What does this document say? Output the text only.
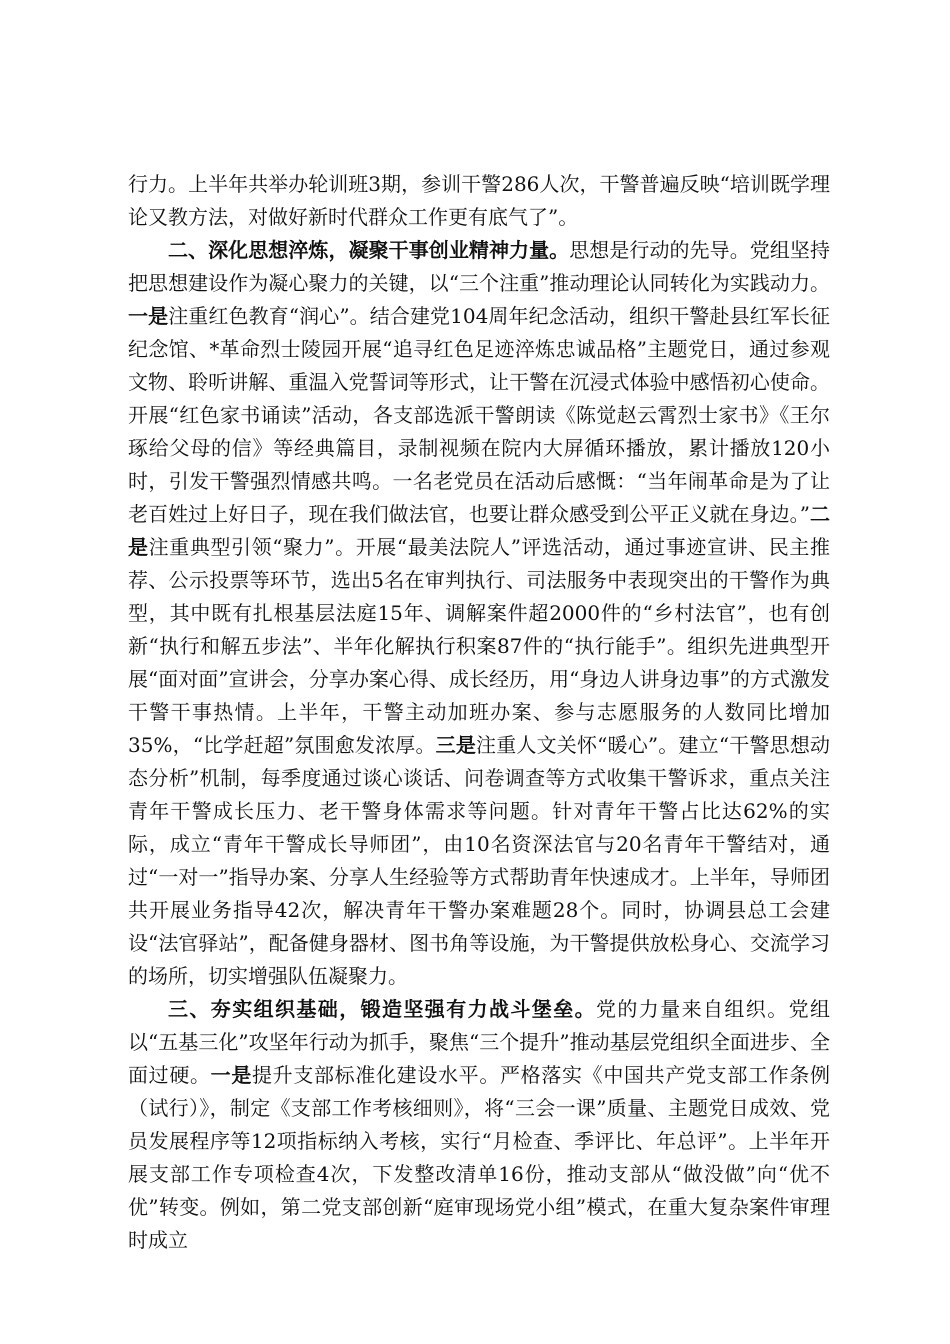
行力。上半年共举办轮训班3期，参训干警286人次，干警普遍反映“培训既学理论又教方法，对做好新时代群众工作更有底气了”。

二、深化思想淬炼，凝聚干事创业精神力量。思想是行动的先导。党组坚持把思想建设作为凝心聚力的关键，以“三个注重”推动理论认同转化为实践动力。一是注重红色教育“润心”。结合建党104周年纪念活动，组织干警赴县红军长征纪念馆、*革命烈士陵园开展“追寻红色足迹淬炼忠诚品格”主题党日，通过参观文物、聆听讲解、重温入党誓词等形式，让干警在沉浸式体验中感悟初心使命。开展“红色家书诵读”活动，各支部选派干警朗读《陈觉赵云霄烈士家书》《王尔琢给父母的信》等经典篇目，录制视频在院内大屏循环播放，累计播放120小时，引发干警强烈情感共鸣。一名老党员在活动后感慨：“当年闹革命是为了让老百姓过上好日子，现在我们做法官，也要让群众感受到公平正义就在身边。”二是注重典型引领“聚力”。开展“最美法院人”评选活动，通过事迹宣讲、民主推荐、公示投票等环节，选出5名在审判执行、司法服务中表现突出的干警作为典型，其中既有扎根基层法庭15年、调解案件超2000件的“乡村法官”，也有创新“执行和解五步法”、半年化解执行积案87件的“执行能手”。组织先进典型开展“面对面”宣讲会，分享办案心得、成长经历，用“身边人讲身边事”的方式激发干警干事热情。上半年，干警主动加班办案、参与志愿服务的人数同比增加35%，“比学赶超”氛围愈发浓厚。三是注重人文关怀“暖心”。建立“干警思想动态分析”机制，每季度通过谈心谈话、问卷调查等方式收集干警诉求，重点关注青年干警成长压力、老干警身体需求等问题。针对青年干警占比达62%的实际，成立“青年干警成长导师团”，由10名资深法官与20名青年干警结对，通过“一对一”指导办案、分享人生经验等方式帮助青年快速成才。上半年，导师团共开展业务指导42次，解决青年干警办案难题28个。同时，协调县总工会建设“法官驿站”，配备健身器材、图书角等设施，为干警提供放松身心、交流学习的场所，切实增强队伍凝聚力。

三、夯实组织基础，锻造坚强有力战斗堡垒。党的力量来自组织。党组以“五基三化”攻坚年行动为抓手，聚焦“三个提升”推动基层党组织全面进步、全面过硬。一是提升支部标准化建设水平。严格落实《中国共产党支部工作条例（试行）》，制定《支部工作考核细则》，将“三会一课”质量、主题党日成效、党员发展程序等12项指标纳入考核，实行“月检查、季评比、年总评”。上半年开展支部工作专项检查4次，下发整改清单16份，推动支部从“做没做”向“优不优”转变。例如，第二党支部创新“庭审现场党小组”模式，在重大复杂案件审理时成立
